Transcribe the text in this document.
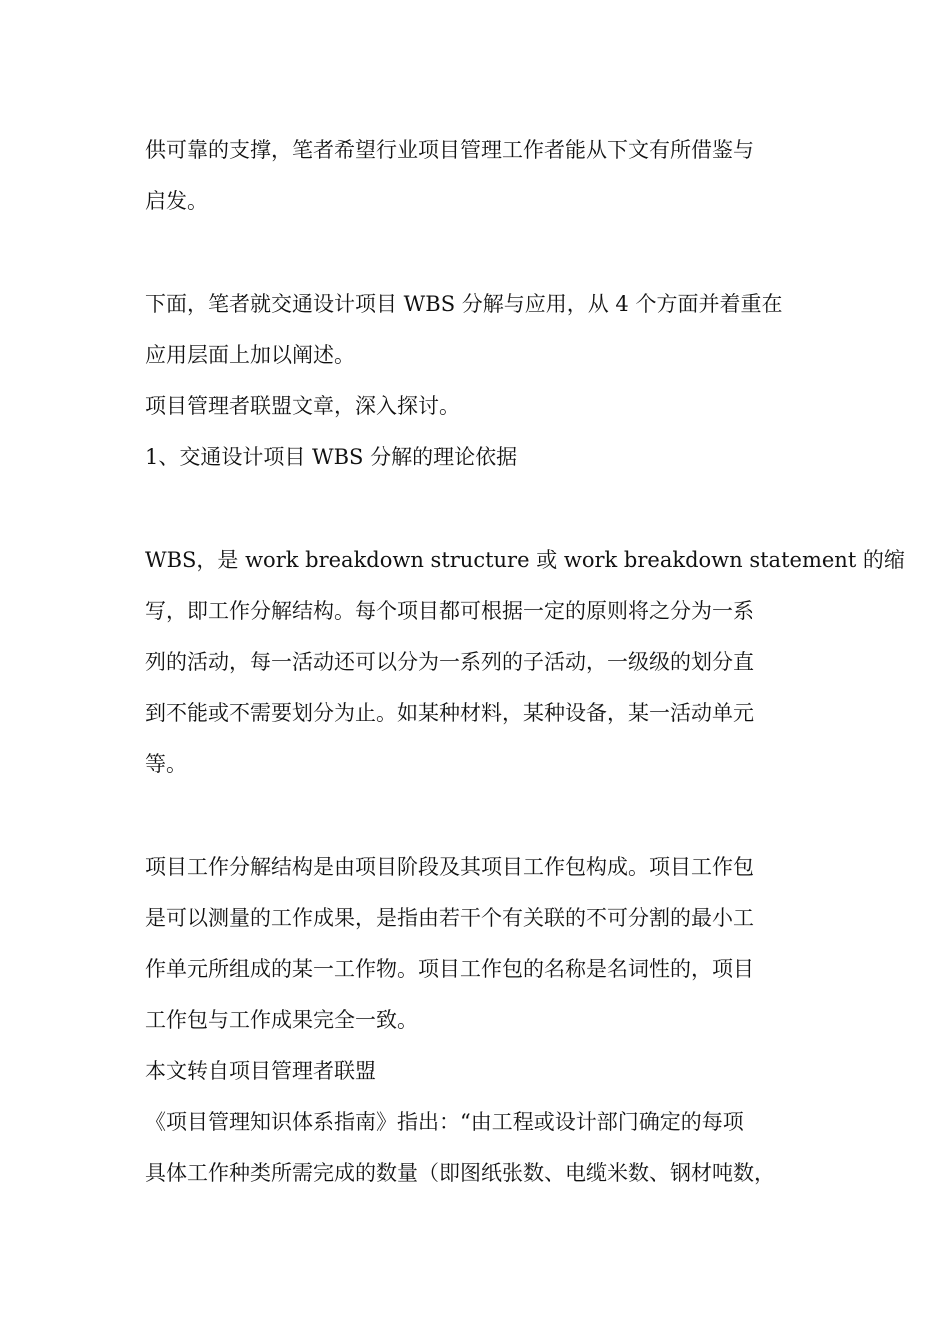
供可靠的支撑，笔者希望行业项目管理工作者能从下文有所借鉴与
启发。
下面，笔者就交通设计项目 WBS 分解与应用，从 4 个方面并着重在
应用层面上加以阐述。
项目管理者联盟文章，深入探讨。
1、交通设计项目 WBS 分解的理论依据
WBS，是 work breakdown structure 或 work breakdown statement 的缩
写，即工作分解结构。每个项目都可根据一定的原则将之分为一系
列的活动，每一活动还可以分为一系列的子活动，一级级的划分直
到不能或不需要划分为止。如某种材料，某种设备，某一活动单元
等。
项目工作分解结构是由项目阶段及其项目工作包构成。项目工作包
是可以测量的工作成果，是指由若干个有关联的不可分割的最小工
作单元所组成的某一工作物。项目工作包的名称是名词性的，项目
工作包与工作成果完全一致。
本文转自项目管理者联盟
《项目管理知识体系指南》指出：“由工程或设计部门确定的每项
具体工作种类所需完成的数量（即图纸张数、电缆米数、钢材吨数，
